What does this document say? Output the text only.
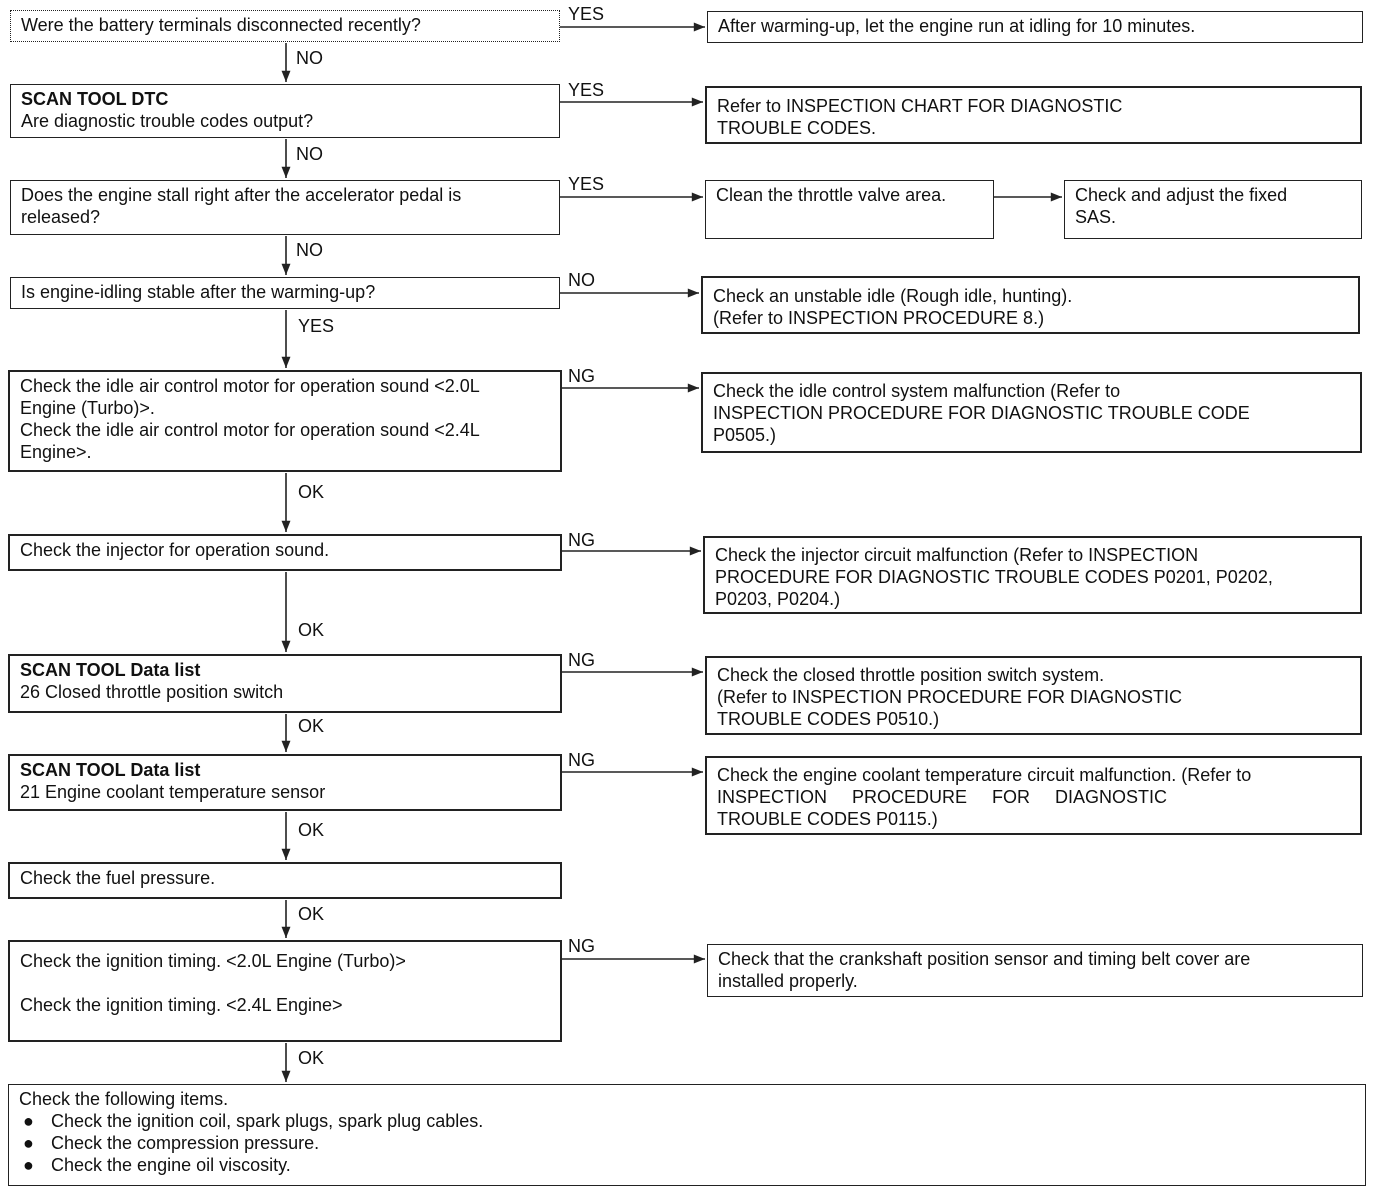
YES
NO
YES
NO
YES
NO
NO
YES
NG
OK
NG
OK
NG
OK
NG
OK
OK
NG
OK
Were the battery terminals disconnected recently?
SCAN TOOL DTC
Are diagnostic trouble codes output?
Does the engine stall right after the accelerator pedal is
released?
Is engine-idling stable after the warming-up?
Check the idle air control motor for operation sound <2.0L
Engine (Turbo)>.
Check the idle air control motor for operation sound <2.4L
Engine>.
Check the injector for operation sound.
SCAN TOOL Data list
26 Closed throttle position switch
SCAN TOOL Data list
21 Engine coolant temperature sensor
Check the fuel pressure.
Check the ignition timing. <2.0L Engine (Turbo)>
Check the ignition timing. <2.4L Engine>
Check the following items.
● Check the ignition coil, spark plugs, spark plug cables.
● Check the compression pressure.
● Check the engine oil viscosity.
After warming-up, let the engine run at idling for 10 minutes.
Refer to INSPECTION CHART FOR DIAGNOSTIC
TROUBLE CODES.
Clean the throttle valve area.	Check and adjust the fixed
SAS.
Check an unstable idle (Rough idle, hunting).
(Refer to INSPECTION PROCEDURE 8.)
Check the idle control system malfunction (Refer to
INSPECTION PROCEDURE FOR DIAGNOSTIC TROUBLE CODE
P0505.)
Check the injector circuit malfunction (Refer to INSPECTION
PROCEDURE FOR DIAGNOSTIC TROUBLE CODES P0201, P0202,
P0203, P0204.)
Check the closed throttle position switch system.
(Refer to INSPECTION PROCEDURE FOR DIAGNOSTIC
TROUBLE CODES P0510.)
Check the engine coolant temperature circuit malfunction. (Refer to
INSPECTION PROCEDURE FOR DIAGNOSTIC
TROUBLE CODES P0115.)
Check that the crankshaft position sensor and timing belt cover are
installed properly.
